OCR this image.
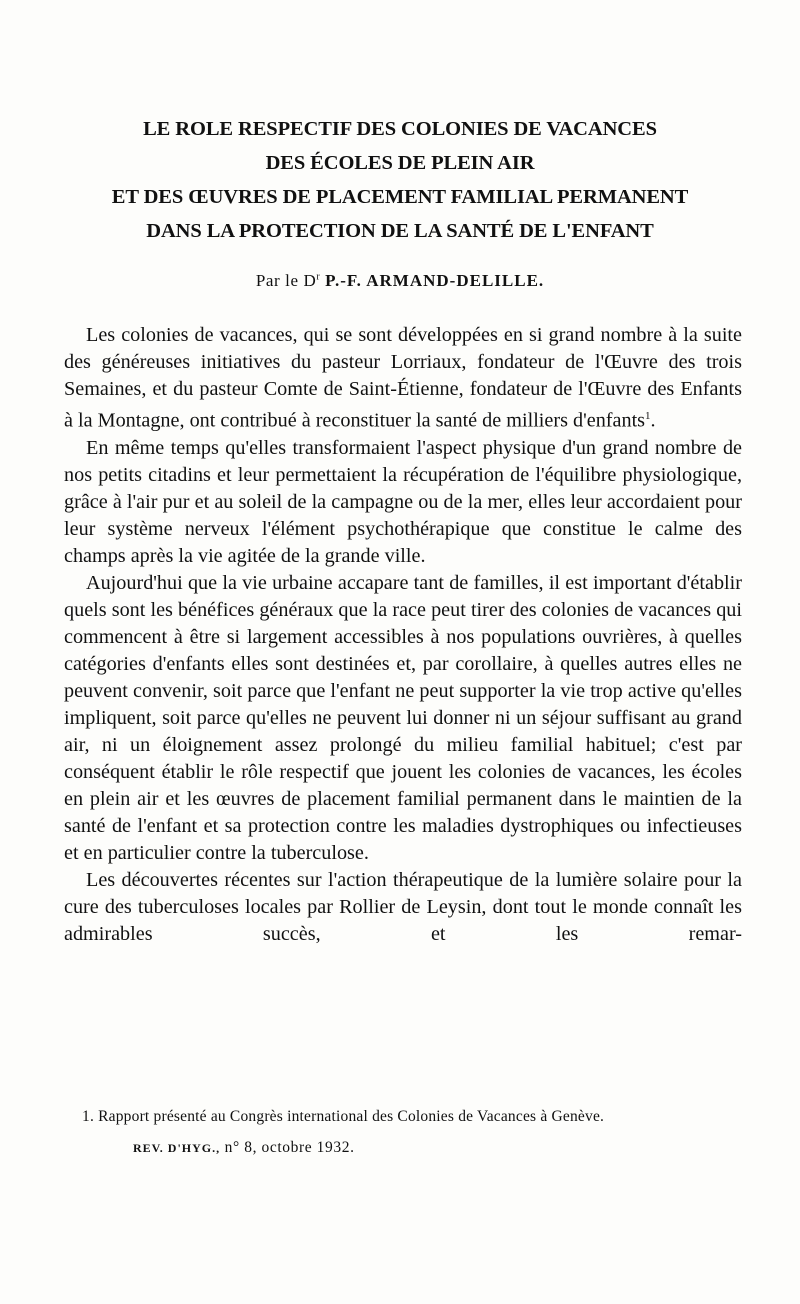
LE ROLE RESPECTIF DES COLONIES DE VACANCES
DES ÉCOLES DE PLEIN AIR
ET DES ŒUVRES DE PLACEMENT FAMILIAL PERMANENT
DANS LA PROTECTION DE LA SANTÉ DE L'ENFANT
Par le $D^r$ P.-F. ARMAND-DELILLE.

Les colonies de vacances, qui se sont développées en si grand nombre à la suite des généreuses initiatives du pasteur Lorriaux, fondateur de l'Œuvre des trois Semaines, et du pasteur Comte de Saint-Étienne, fondateur de l'Œuvre des Enfants à la Montagne, ont contribué à reconstituer la santé de milliers d'enfants$^1$.

En même temps qu'elles transformaient l'aspect physique d'un grand nombre de nos petits citadins et leur permettaient la récupération de l'équilibre physiologique, grâce à l'air pur et au soleil de la campagne ou de la mer, elles leur accordaient pour leur système nerveux l'élément psychothérapique que constitue le calme des champs après la vie agitée de la grande ville.

Aujourd'hui que la vie urbaine accapare tant de familles, il est important d'établir quels sont les bénéfices généraux que la race peut tirer des colonies de vacances qui commencent à être si largement accessibles à nos populations ouvrières, à quelles catégories d'enfants elles sont destinées et, par corollaire, à quelles autres elles ne peuvent convenir, soit parce que l'enfant ne peut supporter la vie trop active qu'elles impliquent, soit parce qu'elles ne peuvent lui donner ni un séjour suffisant au grand air, ni un éloignement assez prolongé du milieu familial habituel; c'est par conséquent établir le rôle respectif que jouent les colonies de vacances, les écoles en plein air et les œuvres de placement familial permanent dans le maintien de la santé de l'enfant et sa protection contre les maladies dystrophiques ou infectieuses et en particulier contre la tuberculose.

Les découvertes récentes sur l'action thérapeutique de la lumière solaire pour la cure des tuberculoses locales par Rollier de Leysin, dont tout le monde connaît les admirables succès, et les remar-

1. Rapport présenté au Congrès international des Colonies de Vacances à Genève.
REV. D'HYG., n° 8, octobre 1932.
